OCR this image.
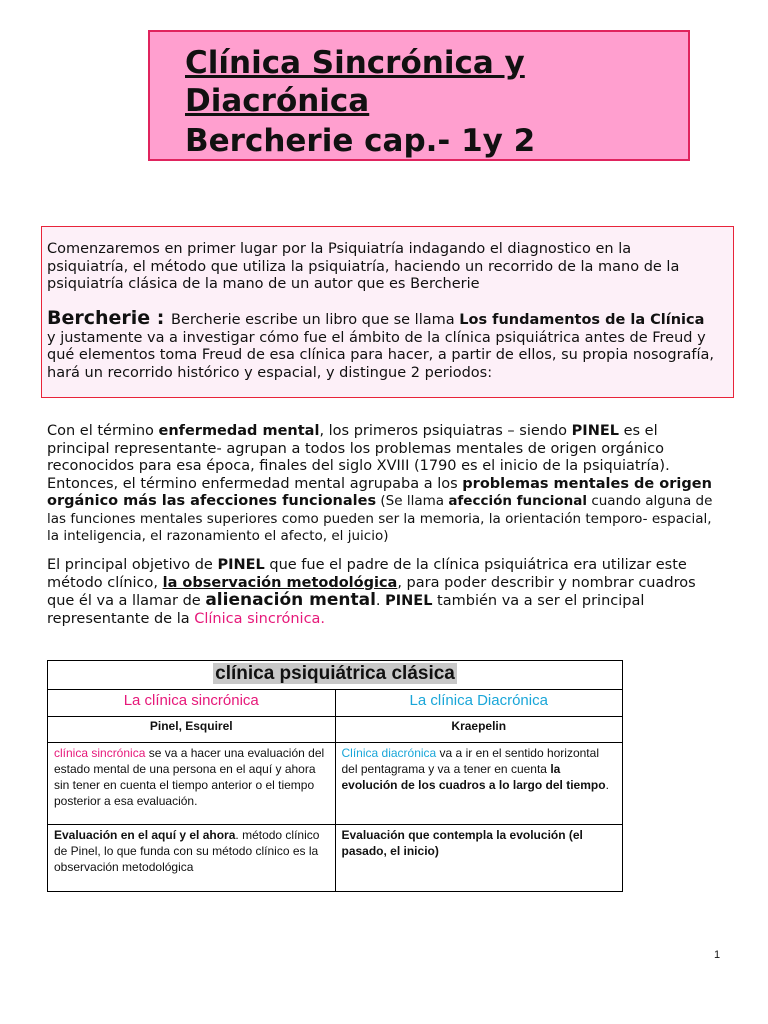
Clínica Sincrónica y
Diacrónica
Bercherie cap.- 1y 2
Comenzaremos en primer lugar por la Psiquiatría indagando el diagnostico en la psiquiatría, el método que utiliza la psiquiatría, haciendo un recorrido de la mano de la psiquiatría clásica de la mano de un autor que es Bercherie
Bercherie : Bercherie escribe un libro que se llama Los fundamentos de la Clínica y justamente va a investigar cómo fue el ámbito de la clínica psiquiátrica antes de Freud y qué elementos toma Freud de esa clínica para hacer, a partir de ellos, su propia nosografía, hará un recorrido histórico y espacial, y distingue 2 periodos:
Con el término enfermedad mental, los primeros psiquiatras – siendo PINEL es el principal representante- agrupan a todos los problemas mentales de origen orgánico reconocidos para esa época, finales del siglo XVIII (1790 es el inicio de la psiquiatría). Entonces, el término enfermedad mental agrupaba a los problemas mentales de origen orgánico más las afecciones funcionales (Se llama afección funcional cuando alguna de las funciones mentales superiores como pueden ser la memoria, la orientación temporo- espacial, la inteligencia, el razonamiento el afecto, el juicio)
El principal objetivo de PINEL que fue el padre de la clínica psiquiátrica era utilizar este método clínico, la observación metodológica, para poder describir y nombrar cuadros que él va a llamar de alienación mental. PINEL también va a ser el principal representante de la Clínica sincrónica.
clínica psiquiátrica clásica	
La clínica sincrónica	La clínica Diacrónica
Pinel, Esquirel	Kraepelin
clínica sincrónica se va a hacer una evaluación del estado mental de una persona en el aquí y ahora sin tener en cuenta el tiempo anterior o el tiempo posterior a esa evaluación.	Clínica diacrónica va a ir en el sentido horizontal del pentagrama y va a tener en cuenta la evolución de los cuadros a lo largo del tiempo.
Evaluación en el aquí y el ahora. método clínico de Pinel, lo que funda con su método clínico es la observación metodológica	Evaluación que contempla la evolución (el pasado, el inicio)
1
